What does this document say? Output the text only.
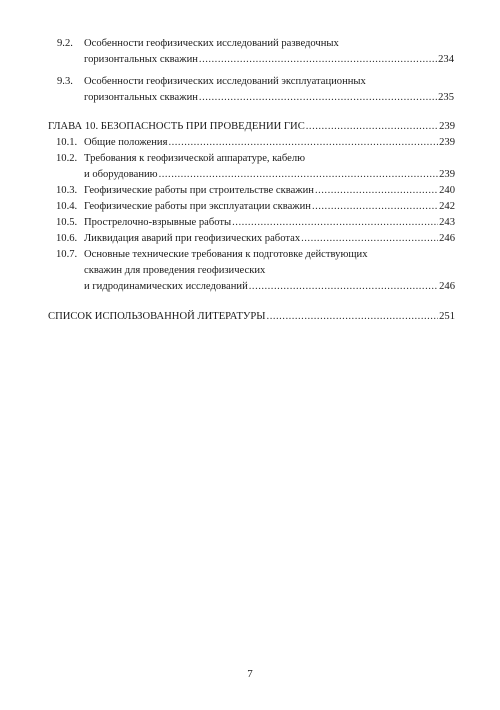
9.2.	Особенности геофизических исследований разведочных
горизонтальных скважин .....	234
9.3.	Особенности геофизических исследований эксплуатационных
горизонтальных скважин .....	235
ГЛАВА 10. БЕЗОПАСНОСТЬ ПРИ ПРОВЕДЕНИИ ГИС .....	239
10.1. Общие положения .....	239
10.2. Требования к геофизической аппаратуре, кабелю
и оборудованию .....	239
10.3. Геофизические работы при строительстве скважин .....	240
10.4. Геофизические работы при эксплуатации скважин .....	242
10.5. Прострелочно-взрывные работы .....	243
10.6. Ликвидация аварий при геофизических работах .....	246
10.7. Основные технические требования к подготовке действующих
скважин для проведения геофизических
и гидродинамических исследований .....	246
СПИСОК ИСПОЛЬЗОВАННОЙ ЛИТЕРАТУРЫ .....	251
7
